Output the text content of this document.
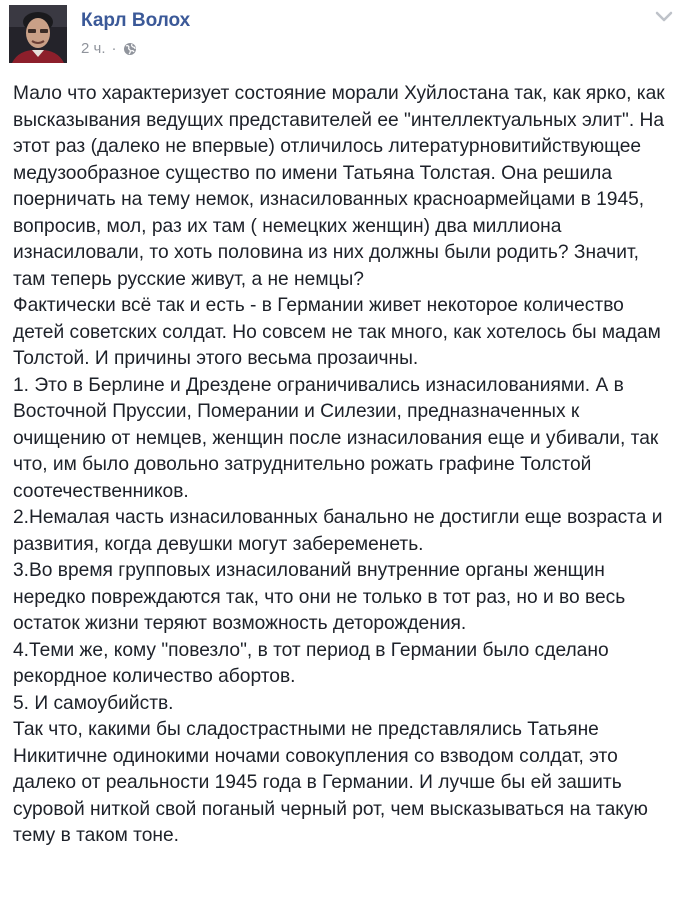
Карл Волох
2 ч. ·

Мало что характеризует состояние морали Хуйлостана так, как ярко, как высказывания ведущих представителей ее "интеллектуальных элит". На этот раз (далеко не впервые) отличилось литературновитийствующее медузообразное существо по имени Татьяна Толстая. Она решила поерничать на тему немок, изнасилованных красноармейцами в 1945, вопросив, мол, раз их там ( немецких женщин) два миллиона изнасиловали, то хоть половина из них должны были родить? Значит, там теперь русские живут, а не немцы?

Фактически всё так и есть - в Германии живет некоторое количество детей советских солдат. Но совсем не так много, как хотелось бы мадам Толстой. И причины этого весьма прозаичны.

1. Это в Берлине и Дрездене ограничивались изнасилованиями. А в Восточной Пруссии, Померании и Силезии, предназначенных к очищению от немцев, женщин после изнасилования еще и убивали, так что, им было довольно затруднительно рожать графине Толстой соотечественников.

2.Немалая часть изнасилованных банально не достигли еще возраста и развития, когда девушки могут забеременеть.

3.Во время групповых изнасилований внутренние органы женщин нередко повреждаются так, что они не только в тот раз, но и во весь остаток жизни теряют возможность деторождения.

4.Теми же, кому "повезло", в тот период в Германии было сделано рекордное количество абортов.

5. И самоубийств.

Так что, какими бы сладострастными не представлялись Татьяне Никитичне одинокими ночами совокупления со взводом солдат, это далеко от реальности 1945 года в Германии. И лучше бы ей зашить суровой ниткой свой поганый черный рот, чем высказываться на такую тему в таком тоне.
